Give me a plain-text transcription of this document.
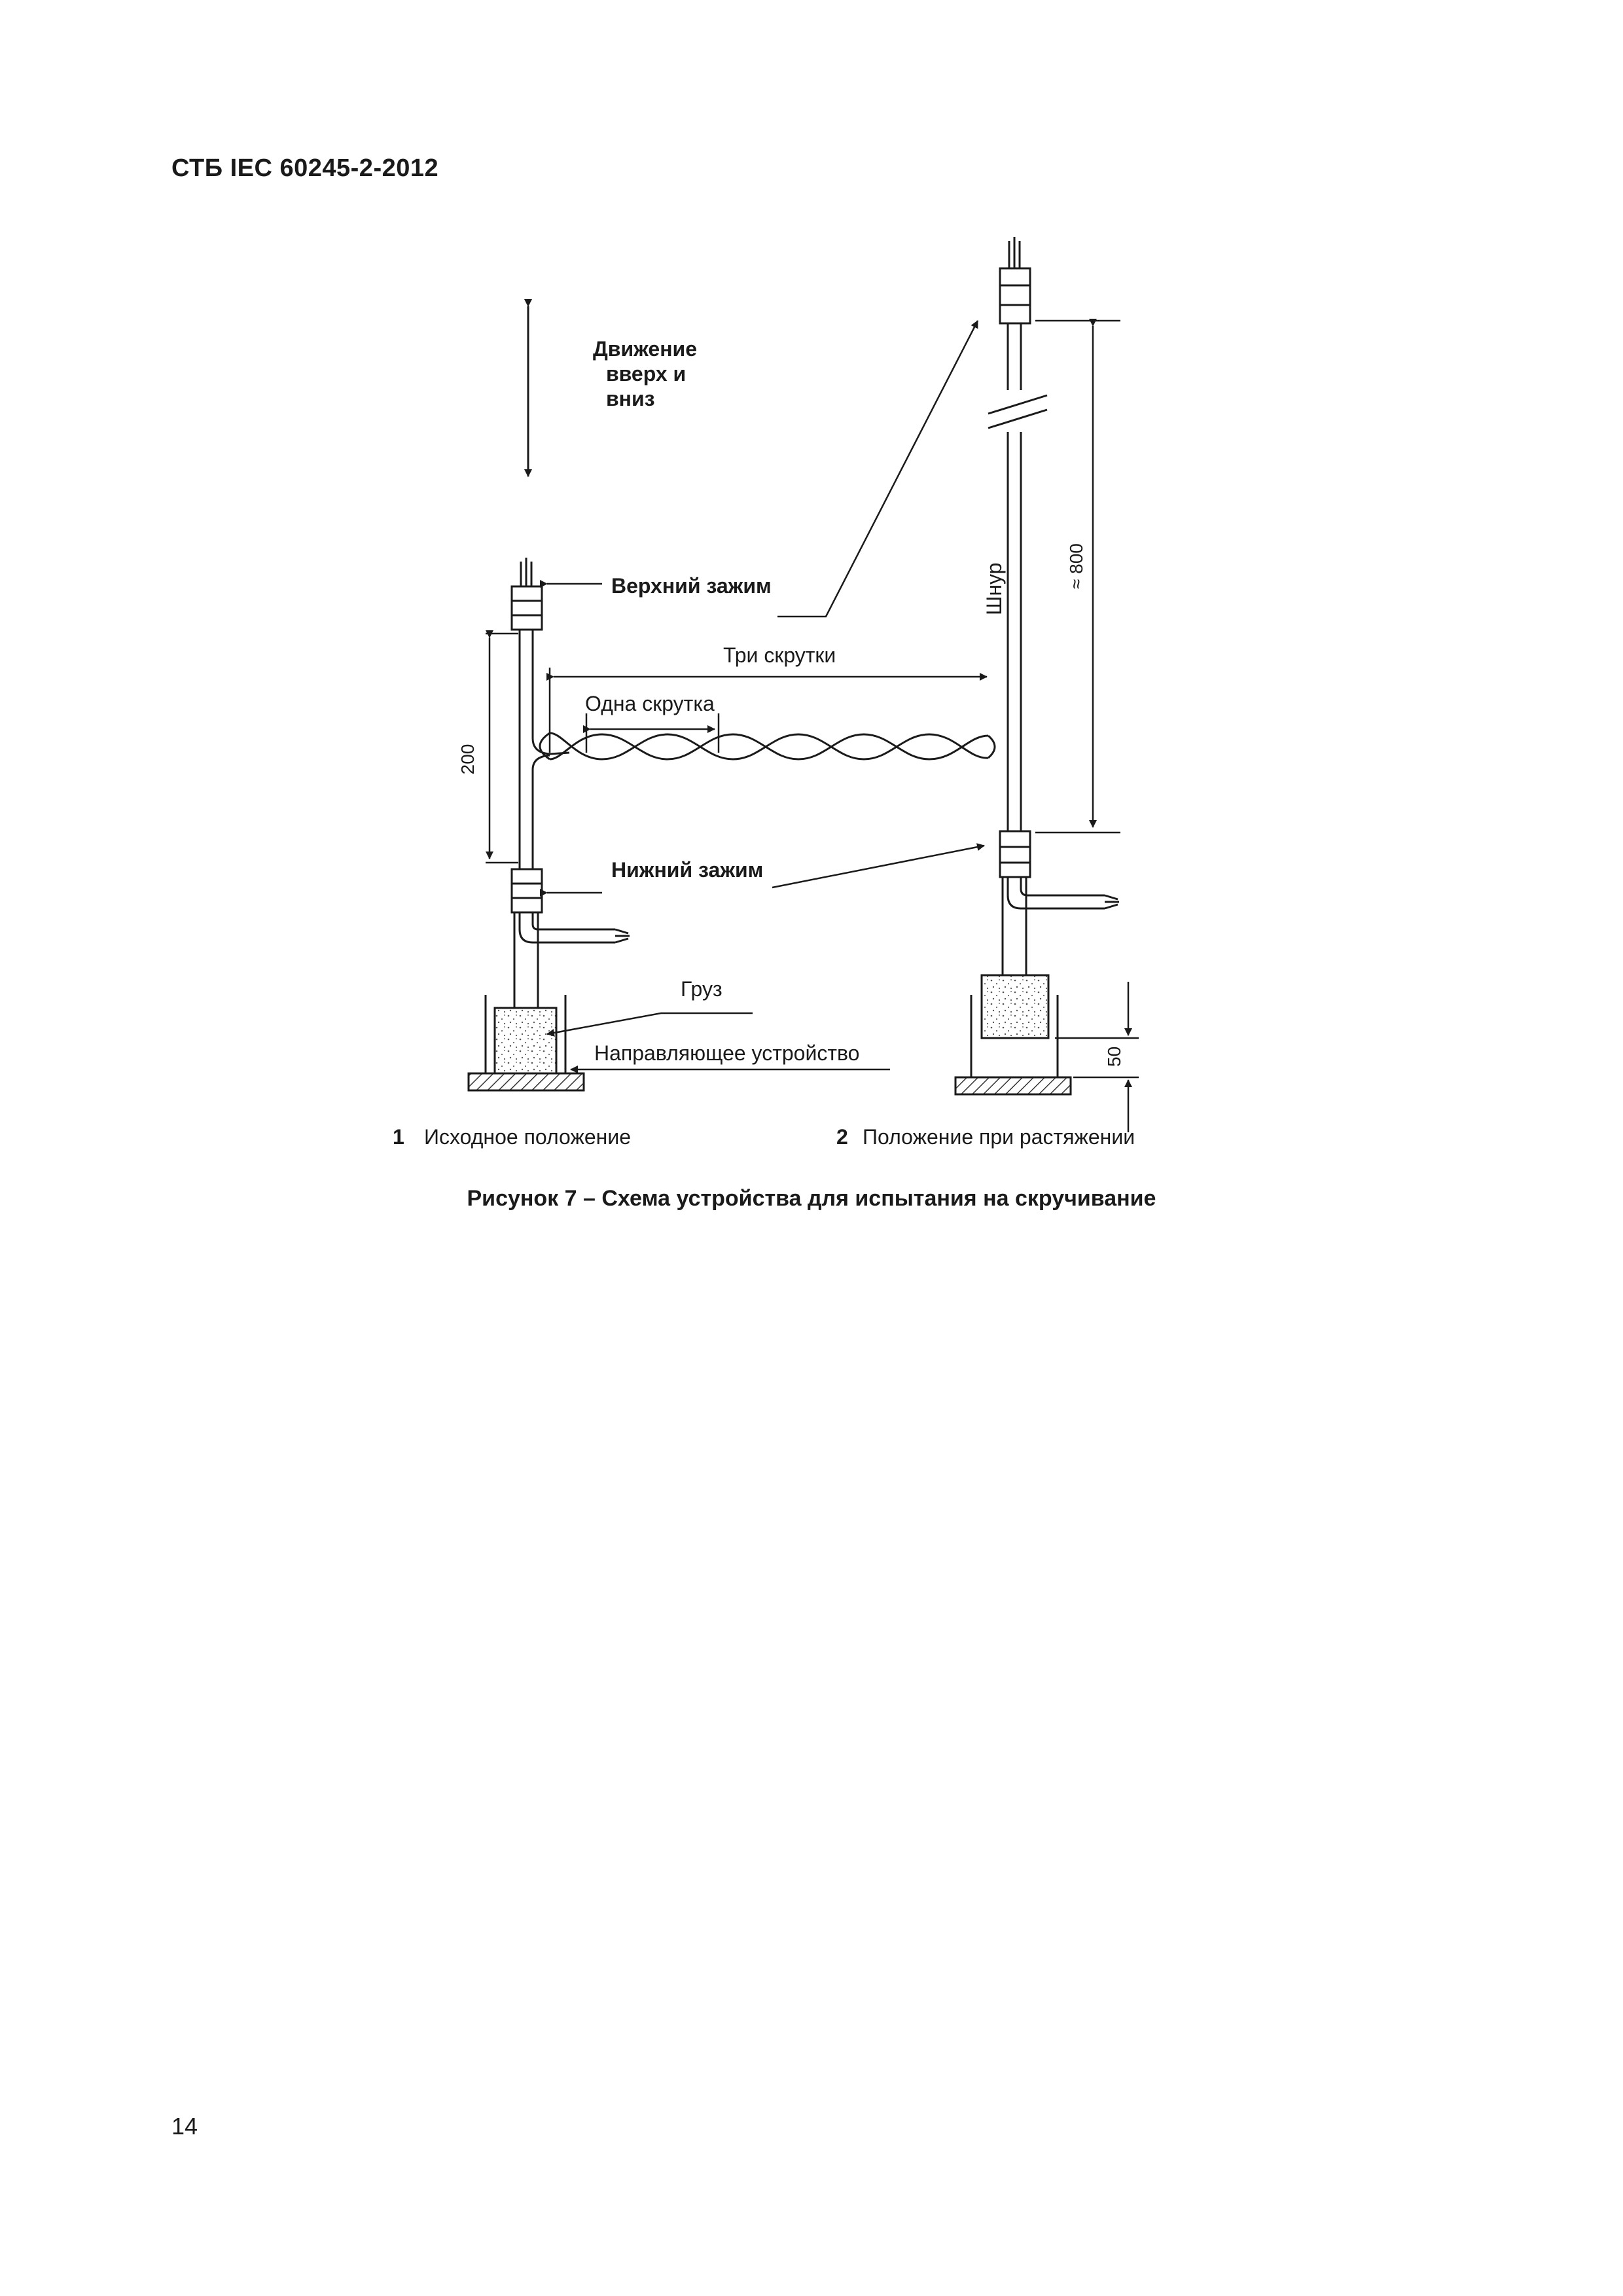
СТБ IEC 60245-2-2012
Движение
вверх и
вниз
200
Три скрутки
Одна скрутка
Верхний зажим
Нижний зажим
Груз
Направляющее устройство
Шнур	≈ 800
50
1 Исходное положение	2 Положение при растяжении
Рисунок 7 – Схема устройства для испытания на скручивание
14
